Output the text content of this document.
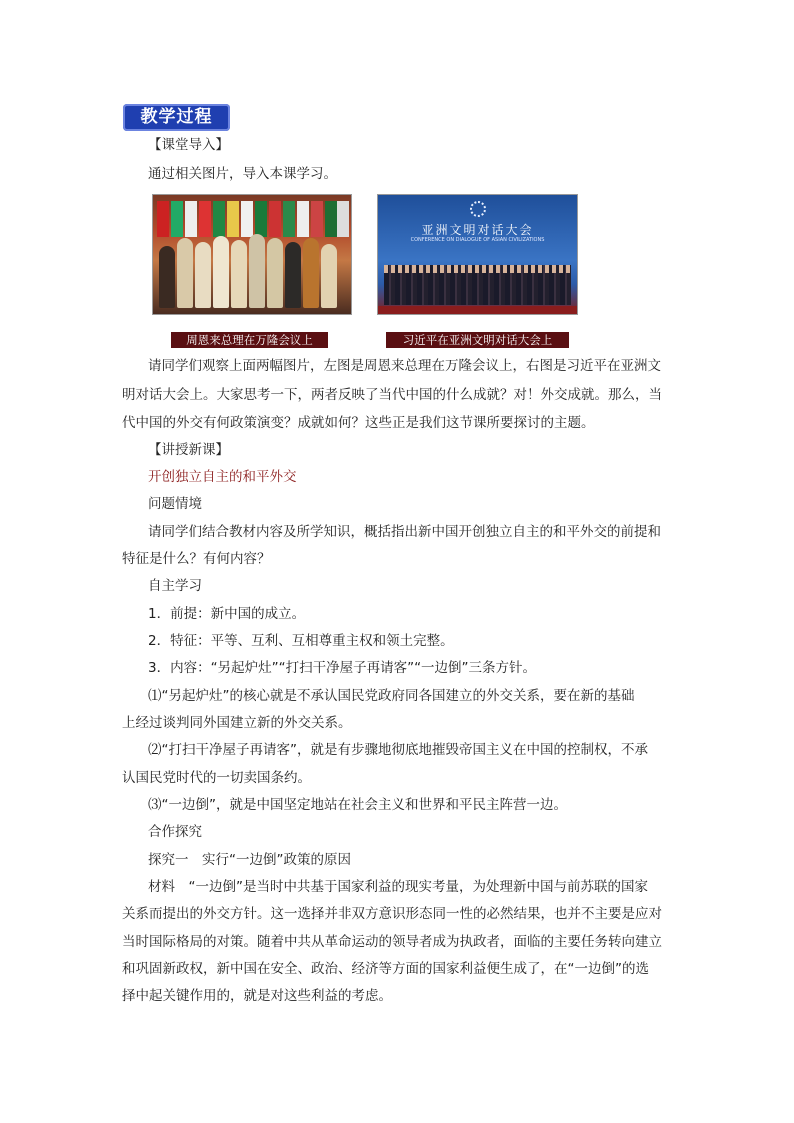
教学过程
【课堂导入】
通过相关图片，导入本课学习。
亚洲文明对话大会
CONFERENCE ON DIALOGUE OF ASIAN CIVILIZATIONS
周恩来总理在万隆会议上	习近平在亚洲文明对话大会上
请同学们观察上面两幅图片，左图是周恩来总理在万隆会议上，右图是习近平在亚洲文
明对话大会上。大家思考一下，两者反映了当代中国的什么成就？对！外交成就。那么，当
代中国的外交有何政策演变？成就如何？这些正是我们这节课所要探讨的主题。
【讲授新课】
开创独立自主的和平外交
问题情境
请同学们结合教材内容及所学知识，概括指出新中国开创独立自主的和平外交的前提和
特征是什么？有何内容？
自主学习
1．前提：新中国的成立。
2．特征：平等、互利、互相尊重主权和领土完整。
3．内容：“另起炉灶”“打扫干净屋子再请客”“一边倒”三条方针。
⑴“另起炉灶”的核心就是不承认国民党政府同各国建立的外交关系，要在新的基础
上经过谈判同外国建立新的外交关系。
⑵“打扫干净屋子再请客”，就是有步骤地彻底地摧毁帝国主义在中国的控制权，不承
认国民党时代的一切卖国条约。
⑶“一边倒”，就是中国坚定地站在社会主义和世界和平民主阵营一边。
合作探究
探究一　实行“一边倒”政策的原因
材料　“一边倒”是当时中共基于国家利益的现实考量，为处理新中国与前苏联的国家
关系而提出的外交方针。这一选择并非双方意识形态同一性的必然结果，也并不主要是应对
当时国际格局的对策。随着中共从革命运动的领导者成为执政者，面临的主要任务转向建立
和巩固新政权，新中国在安全、政治、经济等方面的国家利益便生成了，在“一边倒”的选
择中起关键作用的，就是对这些利益的考虑。
